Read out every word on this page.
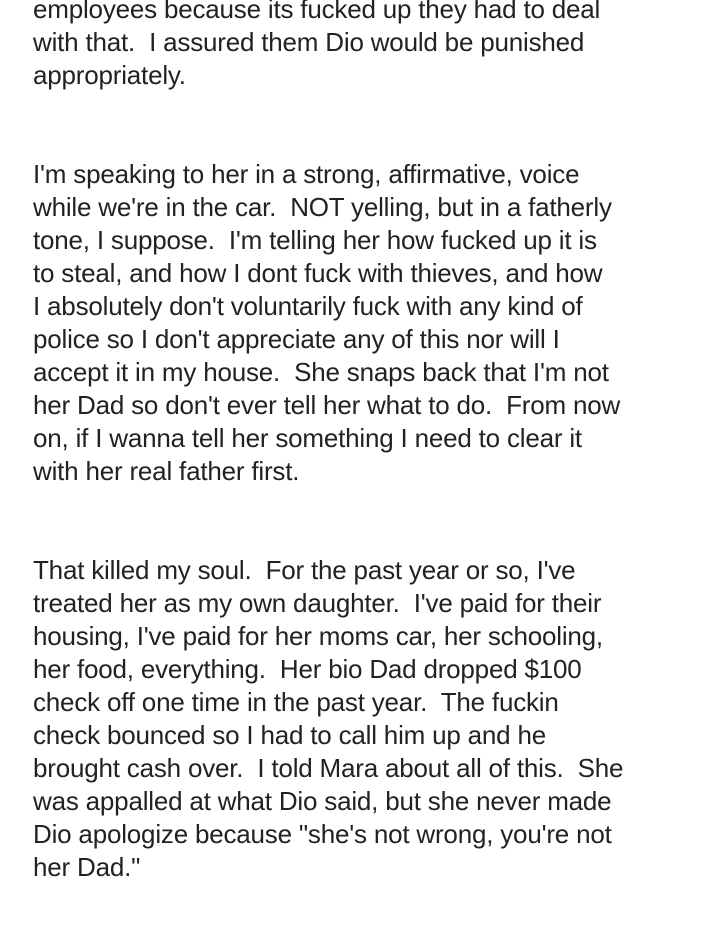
employees because its fucked up they had to deal
with that.  I assured them Dio would be punished
appropriately.
I'm speaking to her in a strong, affirmative, voice
while we're in the car.  NOT yelling, but in a fatherly
tone, I suppose.  I'm telling her how fucked up it is
to steal, and how I dont fuck with thieves, and how
I absolutely don't voluntarily fuck with any kind of
police so I don't appreciate any of this nor will I
accept it in my house.  She snaps back that I'm not
her Dad so don't ever tell her what to do.  From now
on, if I wanna tell her something I need to clear it
with her real father first.
That killed my soul.  For the past year or so, I've
treated her as my own daughter.  I've paid for their
housing, I've paid for her moms car, her schooling,
her food, everything.  Her bio Dad dropped $100
check off one time in the past year.  The fuckin
check bounced so I had to call him up and he
brought cash over.  I told Mara about all of this.  She
was appalled at what Dio said, but she never made
Dio apologize because "she's not wrong, you're not
her Dad."
